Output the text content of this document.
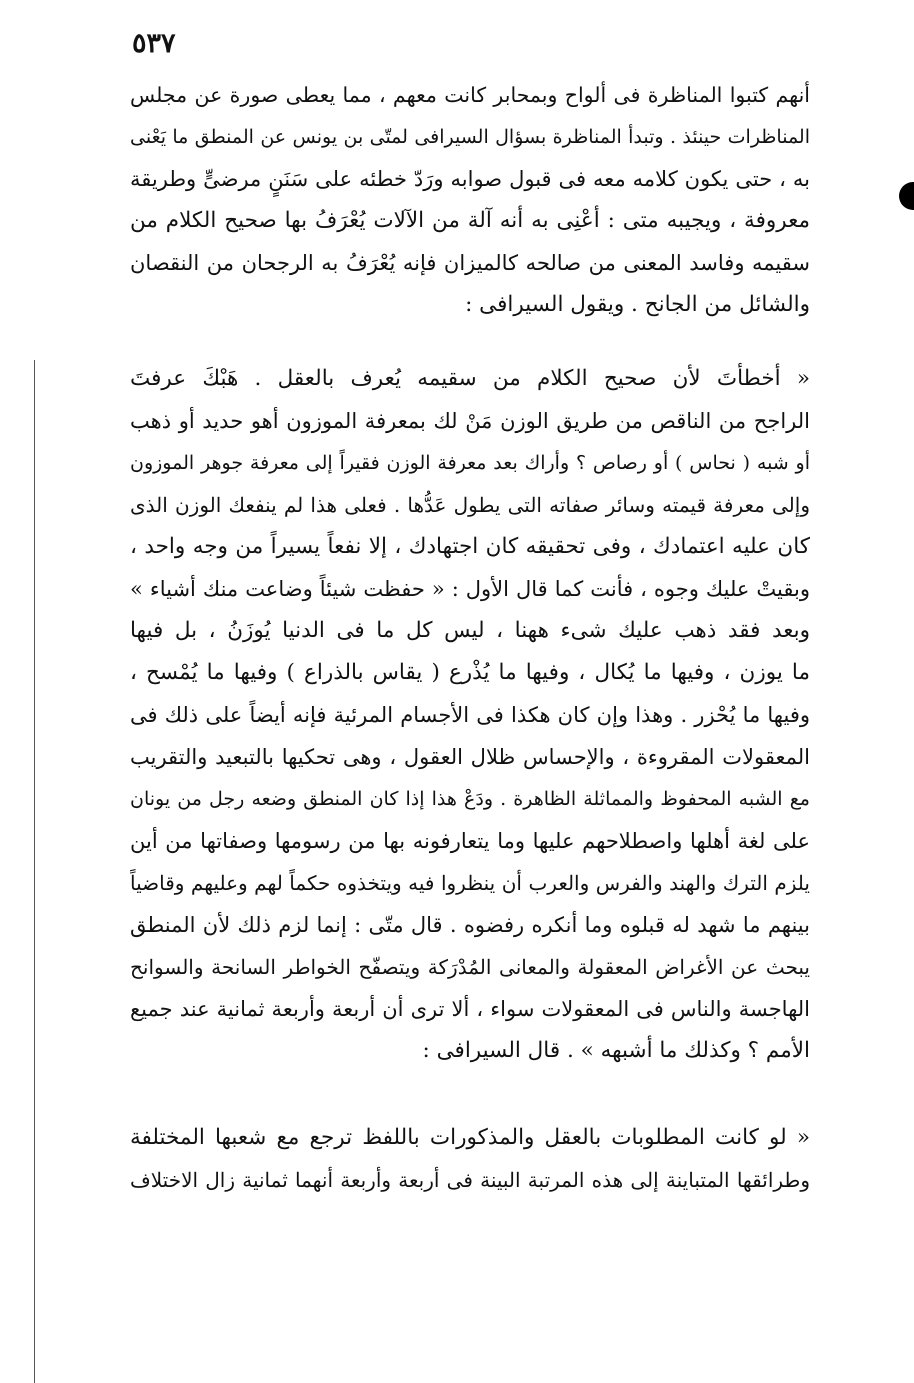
٥٣٧
أنهم كتبوا المناظرة فى ألواح وبمحابر كانت معهم ، مما يعطى صورة عن مجلس
المناظرات حينئذ . وتبدأ المناظرة بسؤال السيرافى لمتّى بن يونس عن المنطق ما يَعْنى
به ، حتى يكون كلامه معه فى قبول صوابه ورَدّ خطئه على سَنَنٍ مرضىٍّ وطريقة
معروفة ، ويجيبه متى : أعْنِى به أنه آلة من الآلات يُعْرَفُ بها صحيح الكلام من
سقيمه وفاسد المعنى من صالحه كالميزان فإنه يُعْرَفُ به الرجحان من النقصان
والشائل من الجانح . ويقول السيرافى :
« أخطأتَ لأن صحيح الكلام من سقيمه يُعرف بالعقل . هَبْكَ عرفتَ
الراجح من الناقص من طريق الوزن مَنْ لك بمعرفة الموزون أهو حديد أو ذهب
أو شبه ( نحاس ) أو رصاص ؟ وأراك بعد معرفة الوزن فقيراً إلى معرفة جوهر الموزون
وإلى معرفة قيمته وسائر صفاته التى يطول عَدُّها . فعلى هذا لم ينفعك الوزن الذى
كان عليه اعتمادك ، وفى تحقيقه كان اجتهادك ، إلا نفعاً يسيراً من وجه واحد ،
وبقيتْ عليك وجوه ، فأنت كما قال الأول : « حفظت شيئاً وضاعت منك أشياء »
وبعد فقد ذهب عليك شىء ههنا ، ليس كل ما فى الدنيا يُوزَنُ ، بل فيها
ما يوزن ، وفيها ما يُكال ، وفيها ما يُذْرع ( يقاس بالذراع ) وفيها ما يُمْسح ،
وفيها ما يُحْزر . وهذا وإن كان هكذا فى الأجسام المرئية فإنه أيضاً على ذلك فى
المعقولات المقروءة ، والإحساس ظلال العقول ، وهى تحكيها بالتبعيد والتقريب
مع الشبه المحفوظ والمماثلة الظاهرة . ودَعْ هذا إذا كان المنطق وضعه رجل من يونان
على لغة أهلها واصطلاحهم عليها وما يتعارفونه بها من رسومها وصفاتها من أين
يلزم الترك والهند والفرس والعرب أن ينظروا فيه ويتخذوه حكماً لهم وعليهم وقاضياً
بينهم ما شهد له قبلوه وما أنكره رفضوه . قال متّى : إنما لزم ذلك لأن المنطق
يبحث عن الأغراض المعقولة والمعانى المُدْرَكة ويتصفّح الخواطر السانحة والسوانح
الهاجسة والناس فى المعقولات سواء ، ألا ترى أن أربعة وأربعة ثمانية عند جميع
الأمم ؟ وكذلك ما أشبهه » . قال السيرافى :
« لو كانت المطلوبات بالعقل والمذكورات باللفظ ترجع مع شعبها المختلفة
وطرائقها المتباينة إلى هذه المرتبة البينة فى أربعة وأربعة أنهما ثمانية زال الاختلاف
